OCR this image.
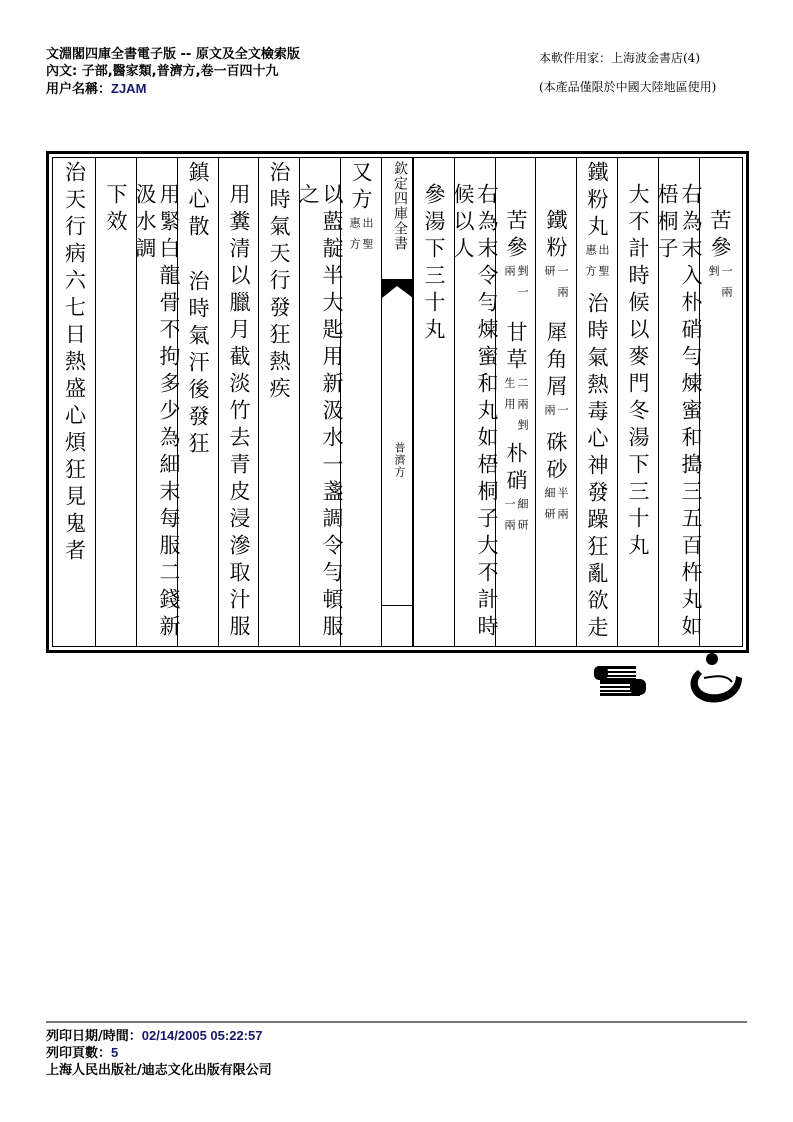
文淵閣四庫全書電子版 -- 原文及全文檢索版
內文: 子部,醫家類,普濟方,卷一百四十九
用户名稱：ZJAM
本軟件用家：上海波金書店(4)
(本產品僅限於中國大陸地區使用)
苦參
一兩
剉
右為末入朴硝勻煉蜜和搗三五百杵丸如梧桐子
大不計時候以麥門冬湯下三十丸
鐵粉丸
出聖
惠方
治時氣熱毒心神發躁狂亂欲走
鐵粉
一兩
研
犀角屑
一
兩
硃砂
半兩
細研
苦參
剉一
兩
甘草
二兩剉
生用
朴硝
細研
一兩
右為末令勻煉蜜和丸如梧桐子大不計時候以人
參湯下三十丸
欽定四庫全書
普濟方
又方
出聖
惠方
以藍靛半大匙用新汲水一盞調令勻頓服之
治時氣天行發狂熱疾
用糞清以臘月截淡竹去青皮浸滲取汁服
鎮心散
治時氣汗後發狂
用緊白龍骨不拘多少為細末每服二錢新汲水調
下效
治天行病六七日熱盛心煩狂見鬼者
列印日期/時間：02/14/2005 05:22:57
列印頁數：5
上海人民出版社/迪志文化出版有限公司
